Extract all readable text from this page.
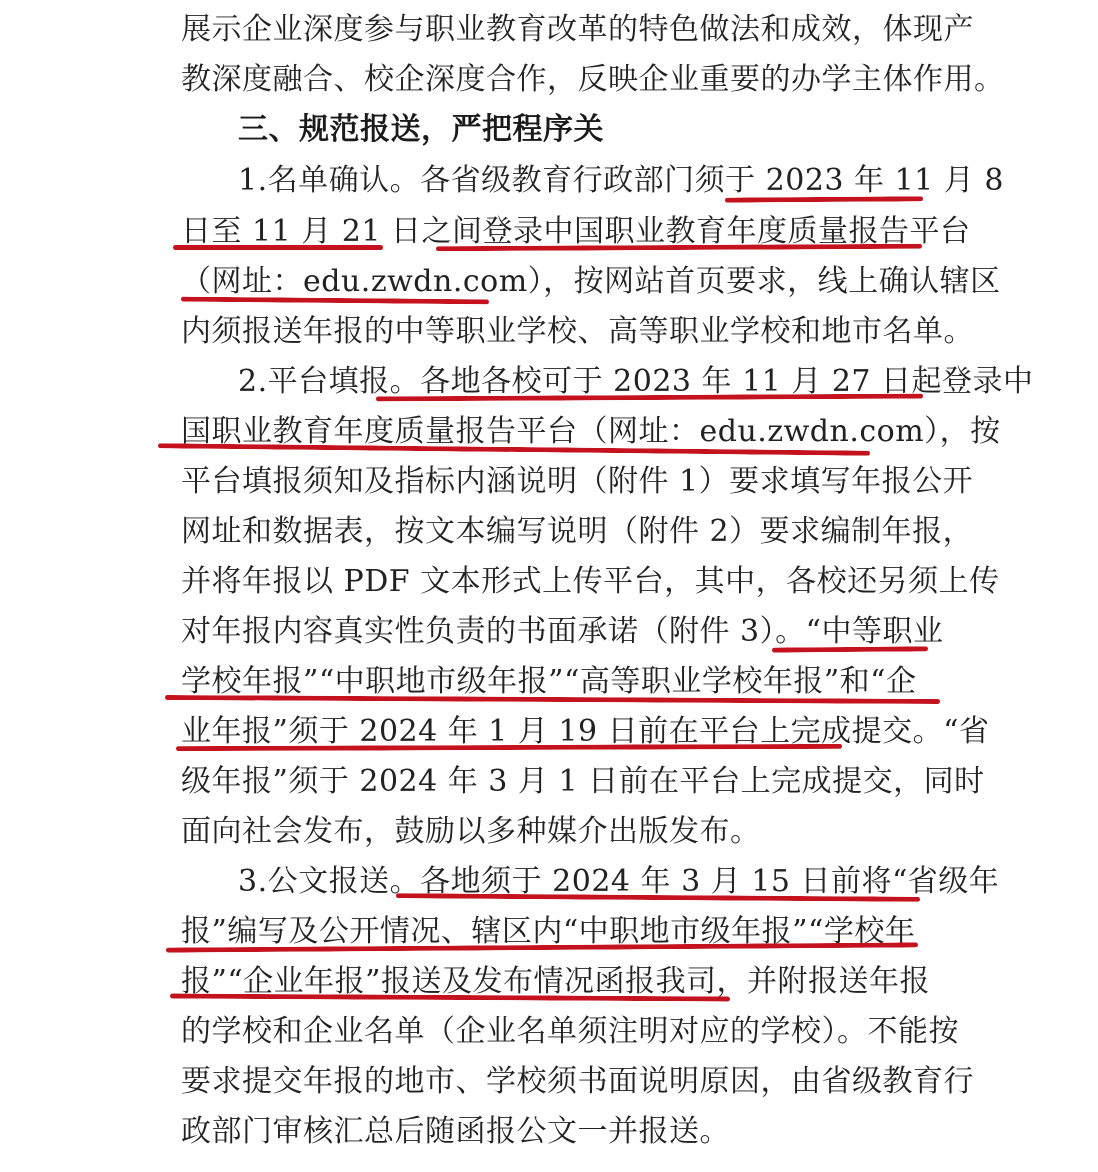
展示企业深度参与职业教育改革的特色做法和成效，体现产

教深度融合、校企深度合作，反映企业重要的办学主体作用。

三、规范报送，严把程序关

1.名单确认。各省级教育行政部门须于 2023 年 11 月 8

日至 11 月 21 日之间登录中国职业教育年度质量报告平台

（网址：edu.zwdn.com），按网站首页要求，线上确认辖区

内须报送年报的中等职业学校、高等职业学校和地市名单。

2.平台填报。各地各校可于 2023 年 11 月 27 日起登录中

国职业教育年度质量报告平台（网址：edu.zwdn.com），按

平台填报须知及指标内涵说明（附件 1）要求填写年报公开

网址和数据表，按文本编写说明（附件 2）要求编制年报，

并将年报以 PDF 文本形式上传平台，其中，各校还另须上传

对年报内容真实性负责的书面承诺（附件 3）。“中等职业

学校年报”“中职地市级年报”“高等职业学校年报”和“企

业年报”须于 2024 年 1 月 19 日前在平台上完成提交。“省

级年报”须于 2024 年 3 月 1 日前在平台上完成提交，同时

面向社会发布，鼓励以多种媒介出版发布。

3.公文报送。各地须于 2024 年 3 月 15 日前将“省级年

报”编写及公开情况、辖区内“中职地市级年报”“学校年

报”“企业年报”报送及发布情况函报我司，并附报送年报

的学校和企业名单（企业名单须注明对应的学校）。不能按

要求提交年报的地市、学校须书面说明原因，由省级教育行

政部门审核汇总后随函报公文一并报送。
